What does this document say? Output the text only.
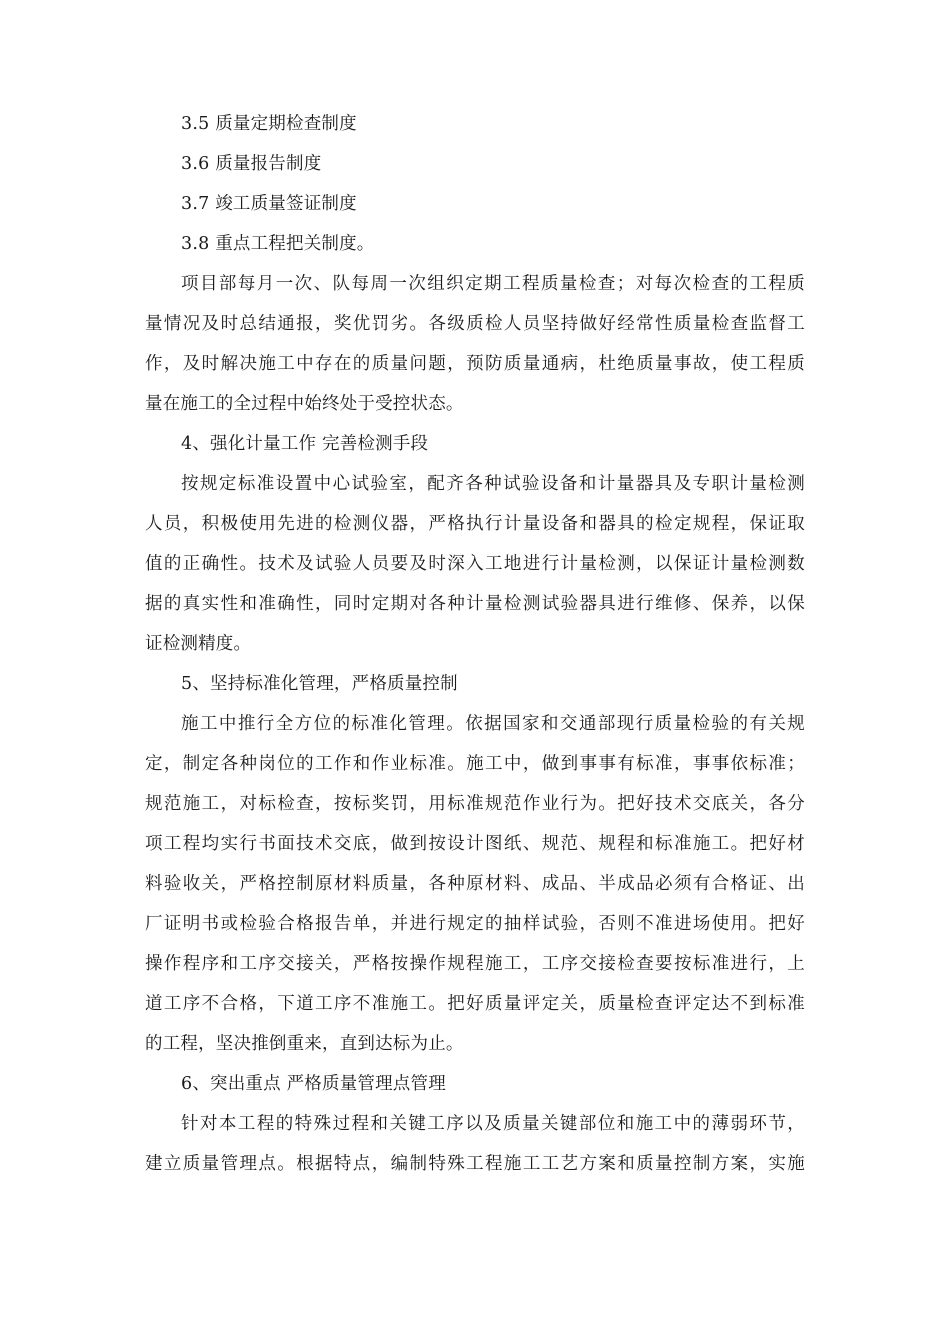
3.5 质量定期检查制度
3.6 质量报告制度
3.7 竣工质量签证制度
3.8 重点工程把关制度。
项目部每月一次、队每周一次组织定期工程质量检查；对每次检查的工程质
量情况及时总结通报，奖优罚劣。各级质检人员坚持做好经常性质量检查监督工
作，及时解决施工中存在的质量问题，预防质量通病，杜绝质量事故，使工程质
量在施工的全过程中始终处于受控状态。
4、强化计量工作 完善检测手段
按规定标准设置中心试验室，配齐各种试验设备和计量器具及专职计量检测
人员，积极使用先进的检测仪器，严格执行计量设备和器具的检定规程，保证取
值的正确性。技术及试验人员要及时深入工地进行计量检测，以保证计量检测数
据的真实性和准确性，同时定期对各种计量检测试验器具进行维修、保养，以保
证检测精度。
5、坚持标准化管理，严格质量控制
施工中推行全方位的标准化管理。依据国家和交通部现行质量检验的有关规
定，制定各种岗位的工作和作业标准。施工中，做到事事有标准，事事依标准；
规范施工，对标检查，按标奖罚，用标准规范作业行为。把好技术交底关，各分
项工程均实行书面技术交底，做到按设计图纸、规范、规程和标准施工。把好材
料验收关，严格控制原材料质量，各种原材料、成品、半成品必须有合格证、出
厂证明书或检验合格报告单，并进行规定的抽样试验，否则不准进场使用。把好
操作程序和工序交接关，严格按操作规程施工，工序交接检查要按标准进行，上
道工序不合格，下道工序不准施工。把好质量评定关，质量检查评定达不到标准
的工程，坚决推倒重来，直到达标为止。
6、突出重点 严格质量管理点管理
针对本工程的特殊过程和关键工序以及质量关键部位和施工中的薄弱环节，
建立质量管理点。根据特点，编制特殊工程施工工艺方案和质量控制方案，实施
